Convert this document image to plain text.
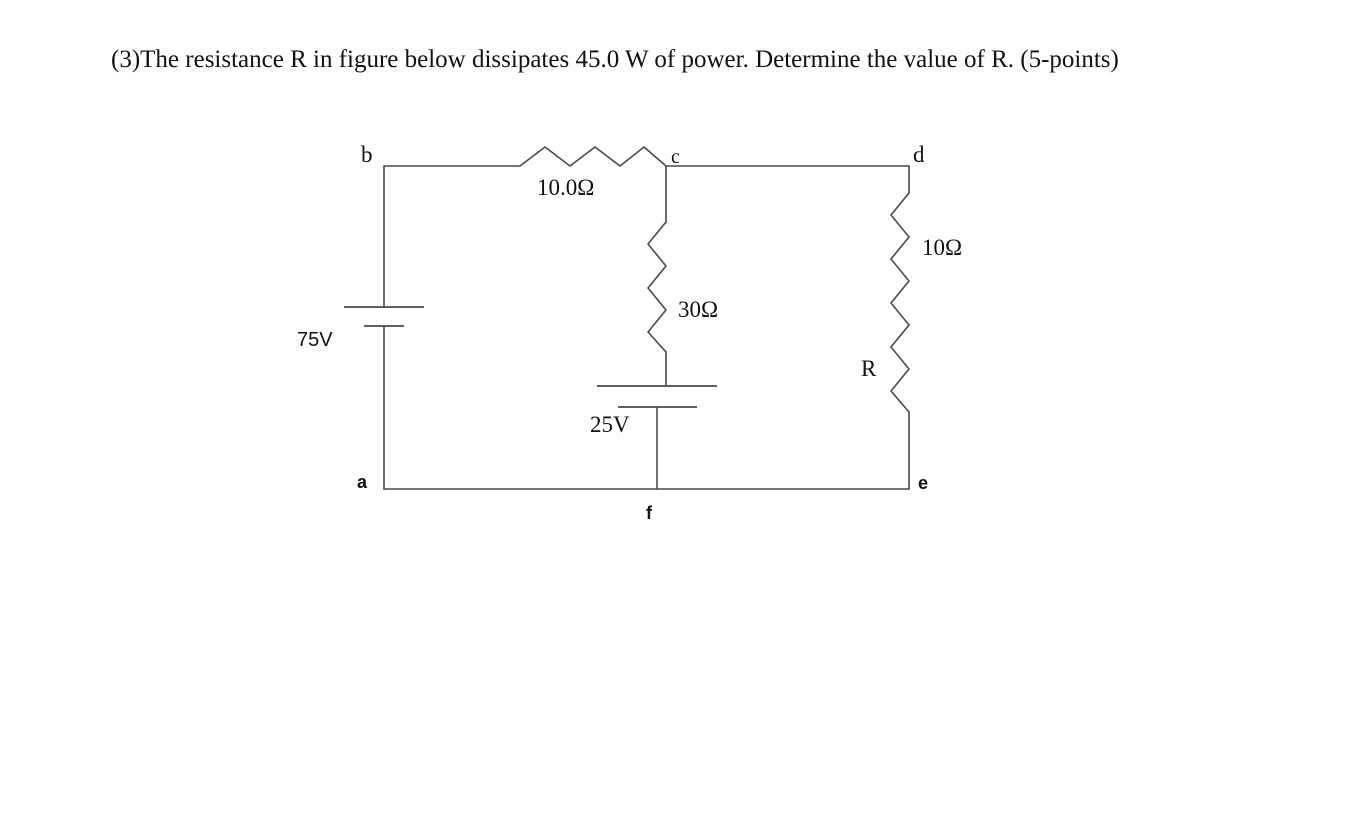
(3)The resistance R in figure below dissipates 45.0 W of power. Determine the value of R. (5-points)

b	c	d
a	e
f
75V
25V
10.0Ω
30Ω
10Ω
R
